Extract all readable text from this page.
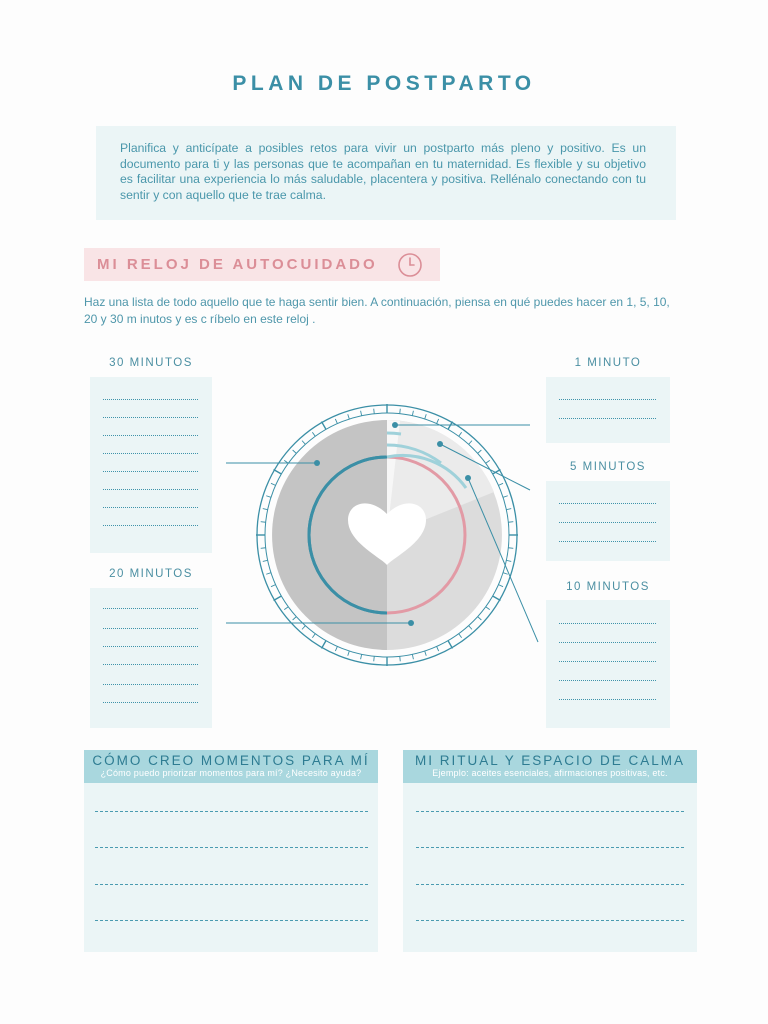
PLAN DE POSTPARTO
Planifica y anticípate a posibles retos para vivir un postparto más pleno y positivo. Es un documento para ti y las personas que te acompañan en tu maternidad. Es flexible y su objetivo es facilitar una experiencia lo más saludable, placentera y positiva. Rellénalo conectando con tu sentir y con aquello que te trae calma.
MI RELOJ DE AUTOCUIDADO
Haz una lista de todo aquello que te haga sentir bien. A continuación, piensa en qué puedes hacer en 1, 5, 10, 20 y 30 m inutos y es c ríbelo en este reloj .
30 MINUTOS
20 MINUTOS
1 MINUTO
5 MINUTOS
10 MINUTOS
CÓMO CREO MOMENTOS PARA MÍ
¿Cómo puedo priorizar momentos para mí? ¿Necesito ayuda?
MI RITUAL Y ESPACIO DE CALMA
Ejemplo: aceites esenciales, afirmaciones positivas, etc.
